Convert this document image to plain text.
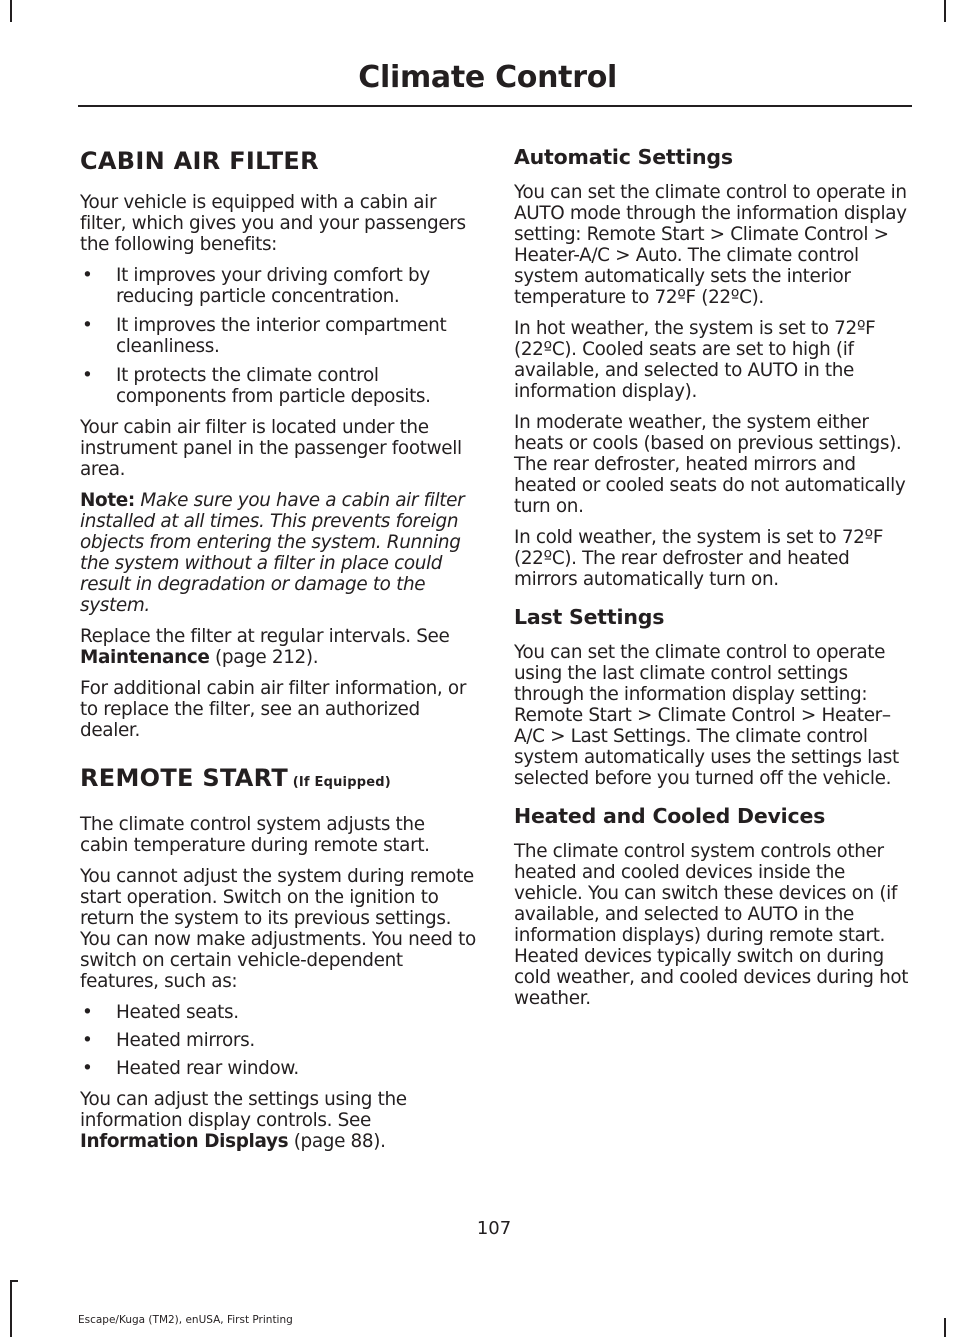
Climate Control
CABIN AIR FILTER

Your vehicle is equipped with a cabin air filter, which gives you and your passengers the following benefits:

• It improves your driving comfort by reducing particle concentration.
• It improves the interior compartment cleanliness.
• It protects the climate control components from particle deposits.

Your cabin air filter is located under the instrument panel in the passenger footwell area.

Note: Make sure you have a cabin air filter installed at all times. This prevents foreign objects from entering the system. Running the system without a filter in place could result in degradation or damage to the system.

Replace the filter at regular intervals. See Maintenance (page 212).

For additional cabin air filter information, or to replace the filter, see an authorized dealer.

REMOTE START (If Equipped)

The climate control system adjusts the cabin temperature during remote start.

You cannot adjust the system during remote start operation. Switch on the ignition to return the system to its previous settings. You can now make adjustments. You need to switch on certain vehicle-dependent features, such as:

• Heated seats.
• Heated mirrors.
• Heated rear window.

You can adjust the settings using the information display controls. See Information Displays (page 88).

Automatic Settings

You can set the climate control to operate in AUTO mode through the information display setting: Remote Start > Climate Control > Heater-A/C > Auto. The climate control system automatically sets the interior temperature to 72ºF (22ºC).

In hot weather, the system is set to 72ºF (22ºC). Cooled seats are set to high (if available, and selected to AUTO in the information display).

In moderate weather, the system either heats or cools (based on previous settings). The rear defroster, heated mirrors and heated or cooled seats do not automatically turn on.

In cold weather, the system is set to 72ºF (22ºC). The rear defroster and heated mirrors automatically turn on.

Last Settings

You can set the climate control to operate using the last climate control settings through the information display setting: Remote Start > Climate Control > Heater–A/C > Last Settings. The climate control system automatically uses the settings last selected before you turned off the vehicle.

Heated and Cooled Devices

The climate control system controls other heated and cooled devices inside the vehicle. You can switch these devices on (if available, and selected to AUTO in the information displays) during remote start. Heated devices typically switch on during cold weather, and cooled devices during hot weather.

107
Escape/Kuga (TM2), enUSA, First Printing
